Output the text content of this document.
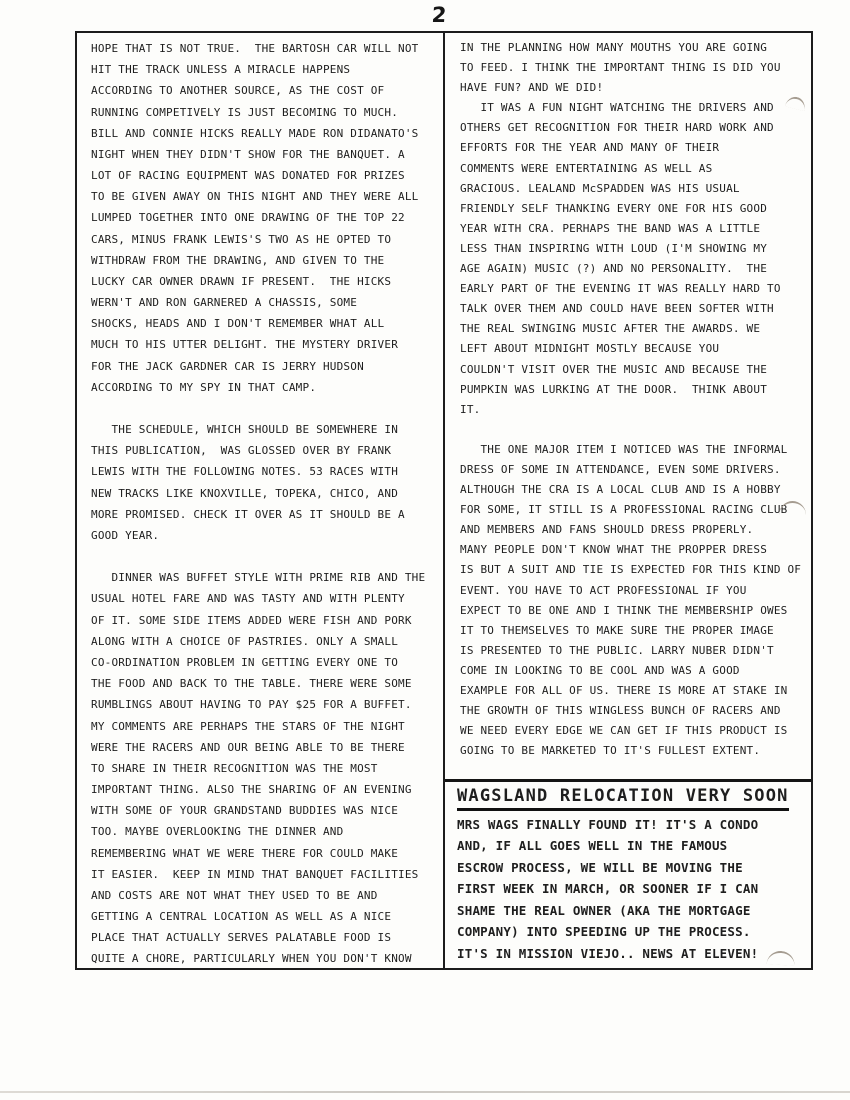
2
HOPE THAT IS NOT TRUE.  THE BARTOSH CAR WILL NOT
HIT THE TRACK UNLESS A MIRACLE HAPPENS
ACCORDING TO ANOTHER SOURCE, AS THE COST OF
RUNNING COMPETIVELY IS JUST BECOMING TO MUCH.
BILL AND CONNIE HICKS REALLY MADE RON DIDANATO'S
NIGHT WHEN THEY DIDN'T SHOW FOR THE BANQUET. A
LOT OF RACING EQUIPMENT WAS DONATED FOR PRIZES
TO BE GIVEN AWAY ON THIS NIGHT AND THEY WERE ALL
LUMPED TOGETHER INTO ONE DRAWING OF THE TOP 22
CARS, MINUS FRANK LEWIS'S TWO AS HE OPTED TO
WITHDRAW FROM THE DRAWING, AND GIVEN TO THE
LUCKY CAR OWNER DRAWN IF PRESENT.  THE HICKS
WERN'T AND RON GARNERED A CHASSIS, SOME
SHOCKS, HEADS AND I DON'T REMEMBER WHAT ALL
MUCH TO HIS UTTER DELIGHT. THE MYSTERY DRIVER
FOR THE JACK GARDNER CAR IS JERRY HUDSON
ACCORDING TO MY SPY IN THAT CAMP.
THE SCHEDULE, WHICH SHOULD BE SOMEWHERE IN
THIS PUBLICATION,  WAS GLOSSED OVER BY FRANK
LEWIS WITH THE FOLLOWING NOTES. 53 RACES WITH
NEW TRACKS LIKE KNOXVILLE, TOPEKA, CHICO, AND
MORE PROMISED. CHECK IT OVER AS IT SHOULD BE A
GOOD YEAR.
DINNER WAS BUFFET STYLE WITH PRIME RIB AND THE
USUAL HOTEL FARE AND WAS TASTY AND WITH PLENTY
OF IT. SOME SIDE ITEMS ADDED WERE FISH AND PORK
ALONG WITH A CHOICE OF PASTRIES. ONLY A SMALL
CO-ORDINATION PROBLEM IN GETTING EVERY ONE TO
THE FOOD AND BACK TO THE TABLE. THERE WERE SOME
RUMBLINGS ABOUT HAVING TO PAY $25 FOR A BUFFET.
MY COMMENTS ARE PERHAPS THE STARS OF THE NIGHT
WERE THE RACERS AND OUR BEING ABLE TO BE THERE
TO SHARE IN THEIR RECOGNITION WAS THE MOST
IMPORTANT THING. ALSO THE SHARING OF AN EVENING
WITH SOME OF YOUR GRANDSTAND BUDDIES WAS NICE
TOO. MAYBE OVERLOOKING THE DINNER AND
REMEMBERING WHAT WE WERE THERE FOR COULD MAKE
IT EASIER.  KEEP IN MIND THAT BANQUET FACILITIES
AND COSTS ARE NOT WHAT THEY USED TO BE AND
GETTING A CENTRAL LOCATION AS WELL AS A NICE
PLACE THAT ACTUALLY SERVES PALATABLE FOOD IS
QUITE A CHORE, PARTICULARLY WHEN YOU DON'T KNOW
IN THE PLANNING HOW MANY MOUTHS YOU ARE GOING
TO FEED. I THINK THE IMPORTANT THING IS DID YOU
HAVE FUN? AND WE DID!
IT WAS A FUN NIGHT WATCHING THE DRIVERS AND
OTHERS GET RECOGNITION FOR THEIR HARD WORK AND
EFFORTS FOR THE YEAR AND MANY OF THEIR
COMMENTS WERE ENTERTAINING AS WELL AS
GRACIOUS. LEALAND McSPADDEN WAS HIS USUAL
FRIENDLY SELF THANKING EVERY ONE FOR HIS GOOD
YEAR WITH CRA. PERHAPS THE BAND WAS A LITTLE
LESS THAN INSPIRING WITH LOUD (I'M SHOWING MY
AGE AGAIN) MUSIC (?) AND NO PERSONALITY.  THE
EARLY PART OF THE EVENING IT WAS REALLY HARD TO
TALK OVER THEM AND COULD HAVE BEEN SOFTER WITH
THE REAL SWINGING MUSIC AFTER THE AWARDS. WE
LEFT ABOUT MIDNIGHT MOSTLY BECAUSE YOU
COULDN'T VISIT OVER THE MUSIC AND BECAUSE THE
PUMPKIN WAS LURKING AT THE DOOR.  THINK ABOUT
IT.
THE ONE MAJOR ITEM I NOTICED WAS THE INFORMAL
DRESS OF SOME IN ATTENDANCE, EVEN SOME DRIVERS.
ALTHOUGH THE CRA IS A LOCAL CLUB AND IS A HOBBY
FOR SOME, IT STILL IS A PROFESSIONAL RACING CLUB
AND MEMBERS AND FANS SHOULD DRESS PROPERLY.
MANY PEOPLE DON'T KNOW WHAT THE PROPPER DRESS
IS BUT A SUIT AND TIE IS EXPECTED FOR THIS KIND OF
EVENT. YOU HAVE TO ACT PROFESSIONAL IF YOU
EXPECT TO BE ONE AND I THINK THE MEMBERSHIP OWES
IT TO THEMSELVES TO MAKE SURE THE PROPER IMAGE
IS PRESENTED TO THE PUBLIC. LARRY NUBER DIDN'T
COME IN LOOKING TO BE COOL AND WAS A GOOD
EXAMPLE FOR ALL OF US. THERE IS MORE AT STAKE IN
THE GROWTH OF THIS WINGLESS BUNCH OF RACERS AND
WE NEED EVERY EDGE WE CAN GET IF THIS PRODUCT IS
GOING TO BE MARKETED TO IT'S FULLEST EXTENT.
WAGSLAND RELOCATION VERY SOON
MRS WAGS FINALLY FOUND IT! IT'S A CONDO
AND, IF ALL GOES WELL IN THE FAMOUS
ESCROW PROCESS, WE WILL BE MOVING THE
FIRST WEEK IN MARCH, OR SOONER IF I CAN
SHAME THE REAL OWNER (AKA THE MORTGAGE
COMPANY) INTO SPEEDING UP THE PROCESS.
IT'S IN MISSION VIEJO.. NEWS AT ELEVEN!
